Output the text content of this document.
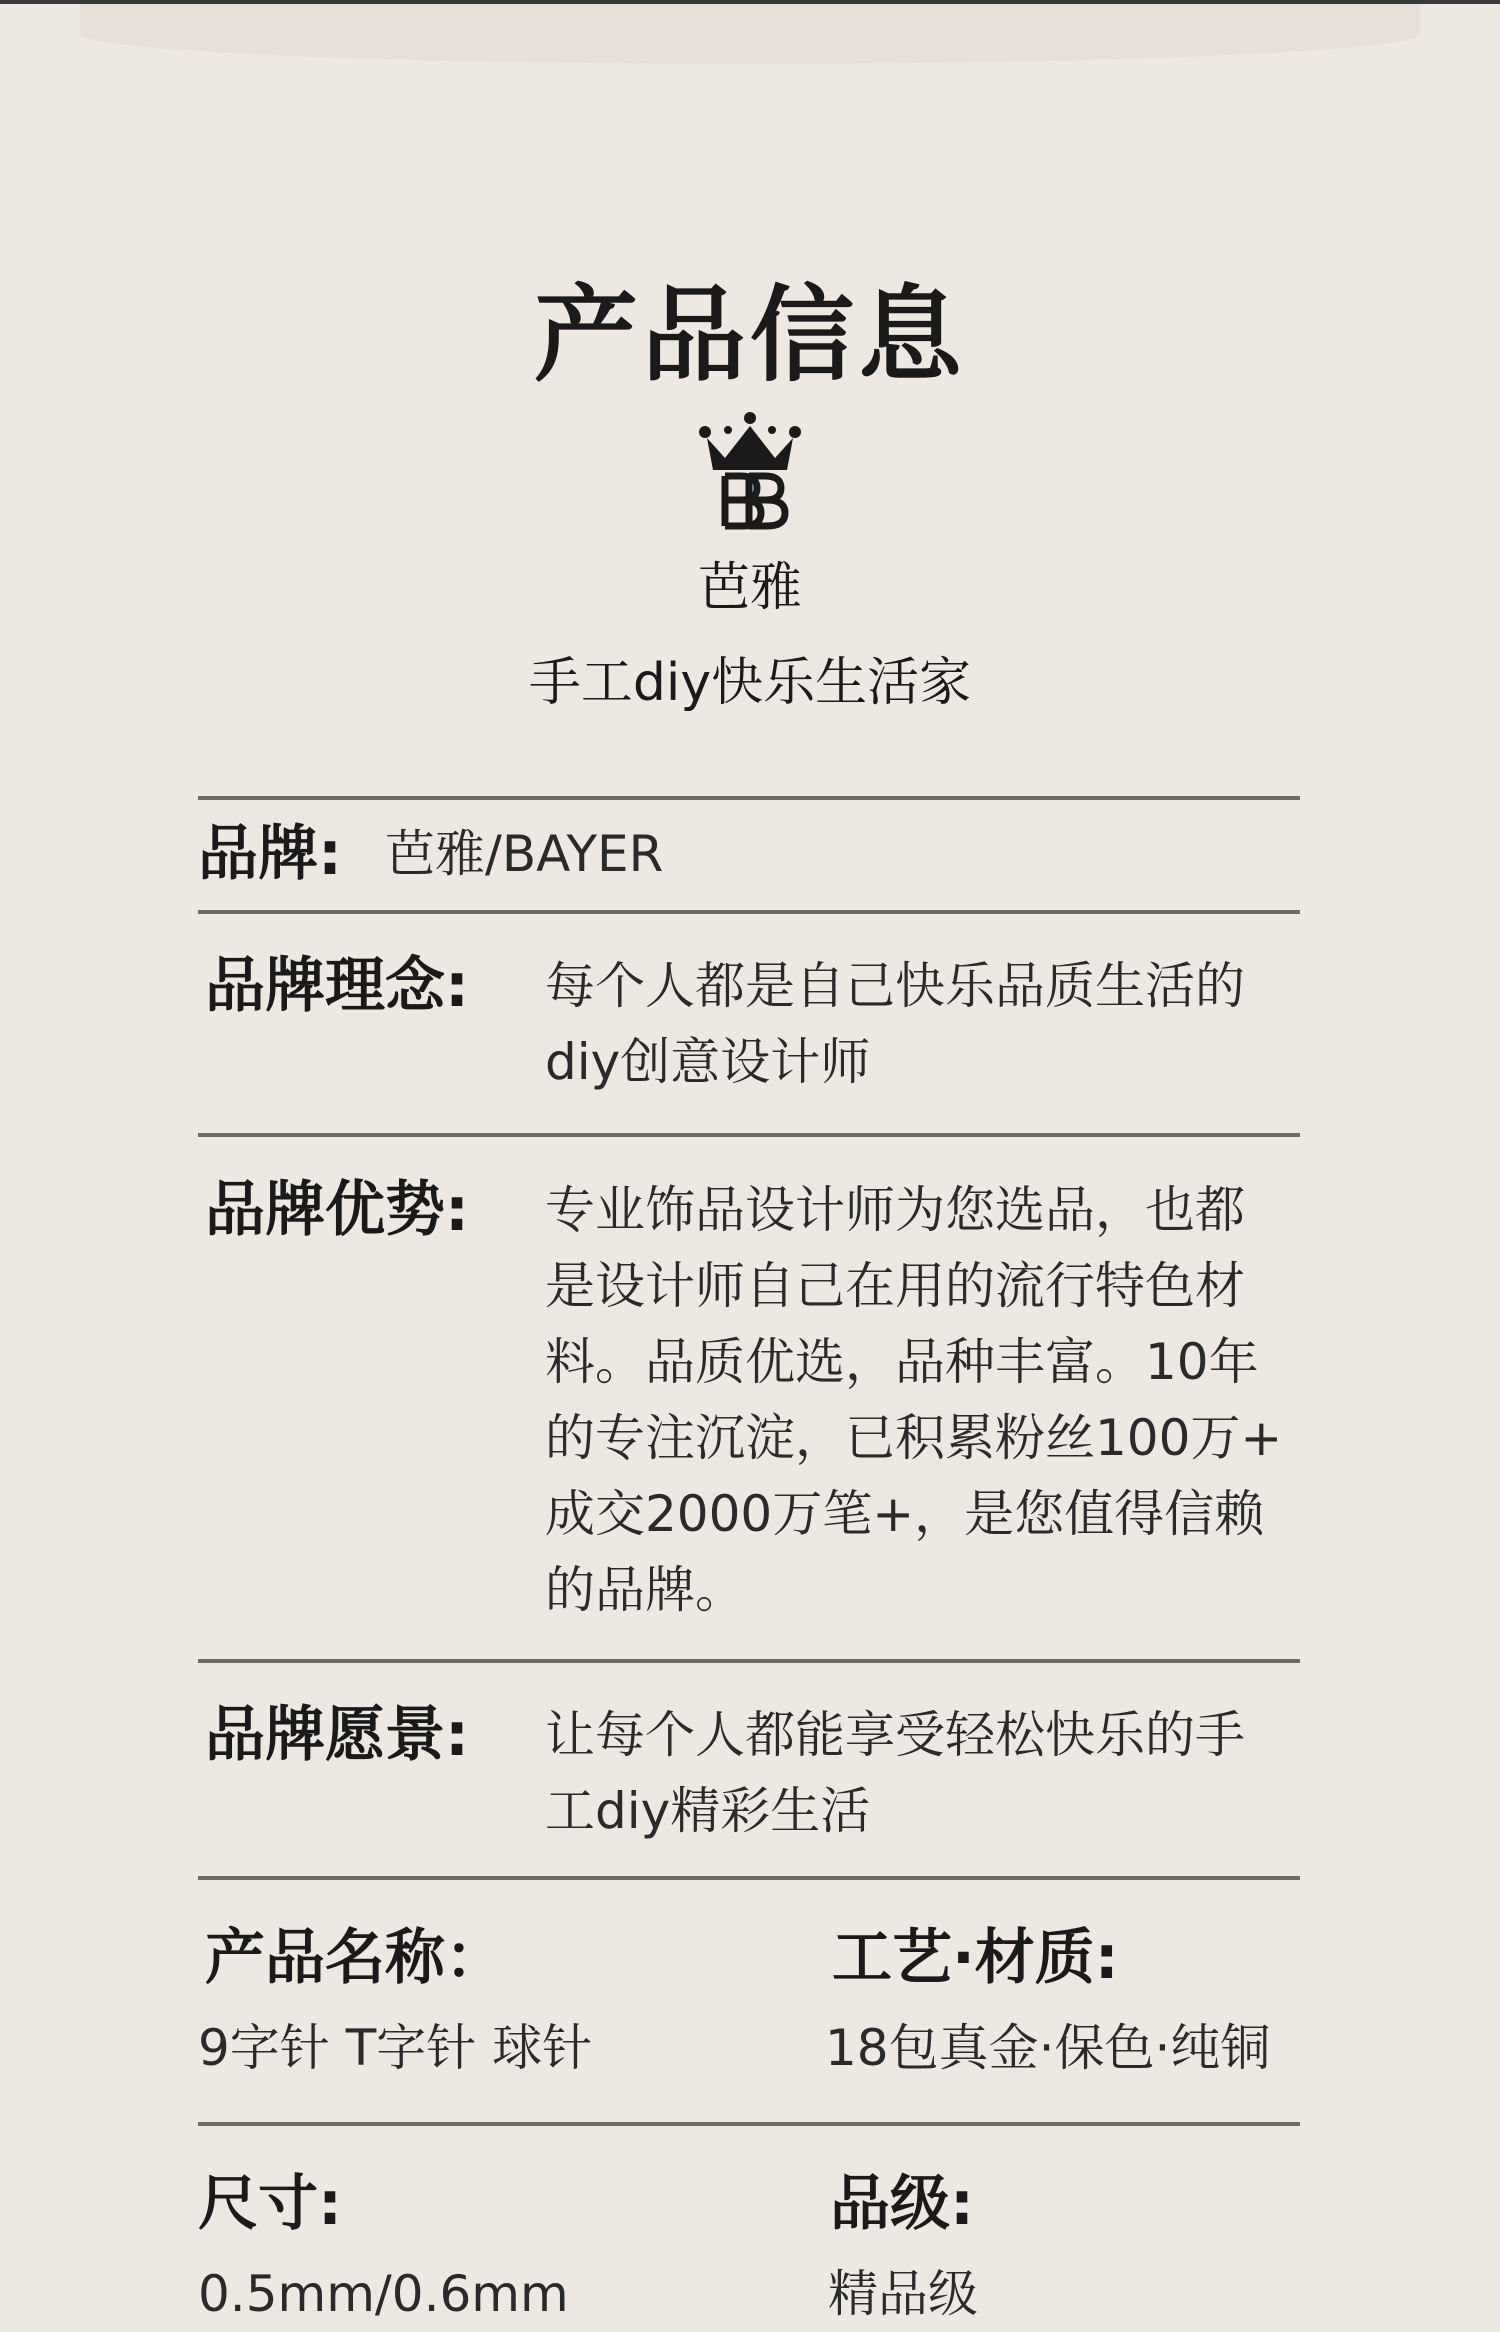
产品信息
芭雅
手工diy快乐生活家
品牌: 芭雅/BAYER
品牌理念: 每个人都是自己快乐品质生活的
diy创意设计师
品牌优势: 专业饰品设计师为您选品，也都
是设计师自己在用的流行特色材
料。品质优选，品种丰富。10年
的专注沉淀，已积累粉丝100万+
成交2000万笔+，是您值得信赖
的品牌。
品牌愿景: 让每个人都能享受轻松快乐的手
工diy精彩生活
产品名称：
9字针 T字针 球针
工艺·材质:
18包真金·保色·纯铜
尺寸:
0.5mm/0.6mm
品级:
精品级
